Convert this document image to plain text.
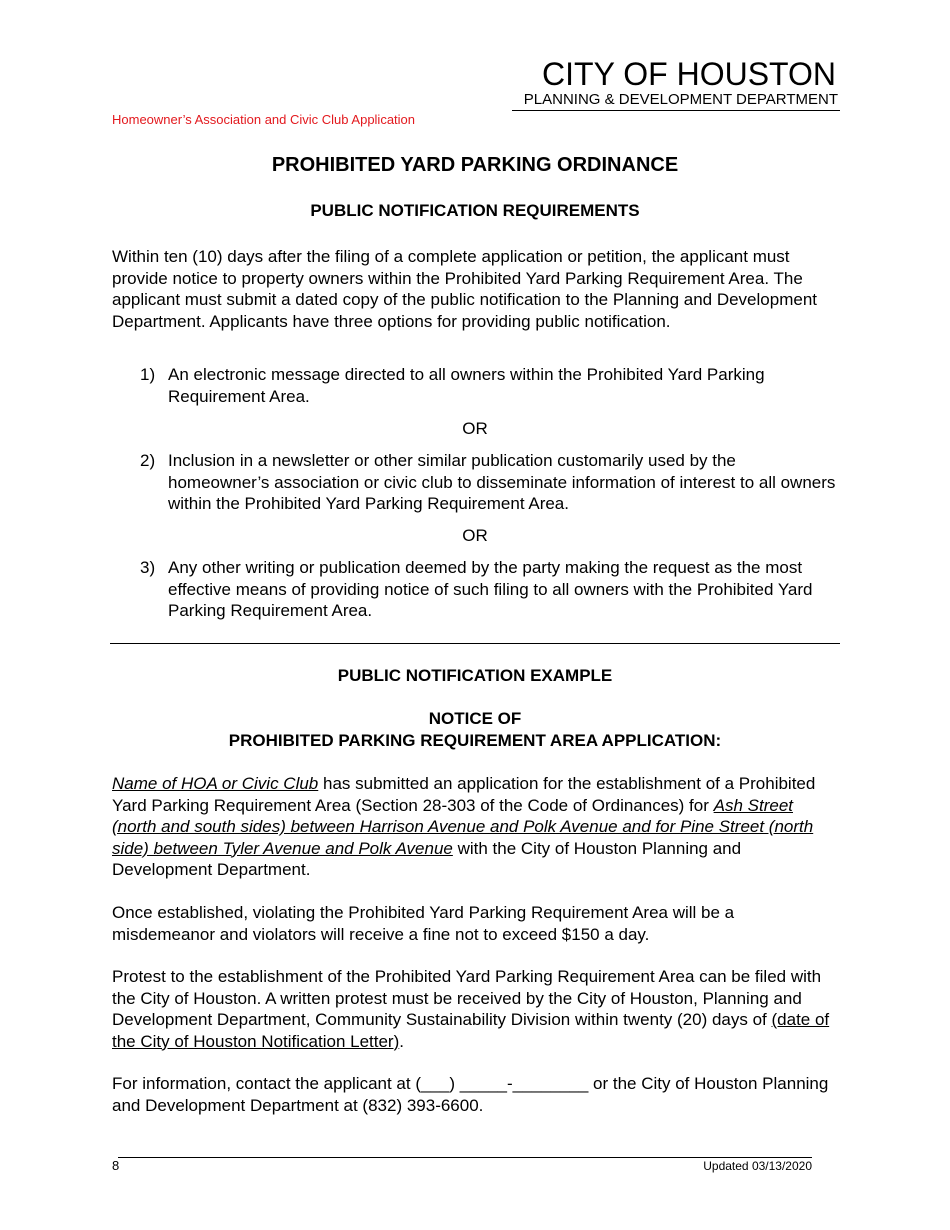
CITY OF HOUSTON
PLANNING & DEVELOPMENT DEPARTMENT
Homeowner’s Association and Civic Club Application
PROHIBITED YARD PARKING ORDINANCE
PUBLIC NOTIFICATION REQUIREMENTS
Within ten (10) days after the filing of a complete application or petition, the applicant must provide notice to property owners within the Prohibited Yard Parking Requirement Area. The applicant must submit a dated copy of the public notification to the Planning and Development Department. Applicants have three options for providing public notification.
1) An electronic message directed to all owners within the Prohibited Yard Parking Requirement Area.
OR
2) Inclusion in a newsletter or other similar publication customarily used by the homeowner’s association or civic club to disseminate information of interest to all owners within the Prohibited Yard Parking Requirement Area.
OR
3) Any other writing or publication deemed by the party making the request as the most effective means of providing notice of such filing to all owners with the Prohibited Yard Parking Requirement Area.
PUBLIC NOTIFICATION EXAMPLE
NOTICE OF
PROHIBITED PARKING REQUIREMENT AREA APPLICATION:
Name of HOA or Civic Club has submitted an application for the establishment of a Prohibited Yard Parking Requirement Area (Section 28-303 of the Code of Ordinances) for Ash Street (north and south sides) between Harrison Avenue and Polk Avenue and for Pine Street (north side) between Tyler Avenue and Polk Avenue with the City of Houston Planning and Development Department.
Once established, violating the Prohibited Yard Parking Requirement Area will be a misdemeanor and violators will receive a fine not to exceed $150 a day.
Protest to the establishment of the Prohibited Yard Parking Requirement Area can be filed with the City of Houston. A written protest must be received by the City of Houston, Planning and Development Department, Community Sustainability Division within twenty (20) days of (date of the City of Houston Notification Letter).
For information, contact the applicant at (___) _____-________ or the City of Houston Planning and Development Department at (832) 393-6600.
8	Updated 03/13/2020
